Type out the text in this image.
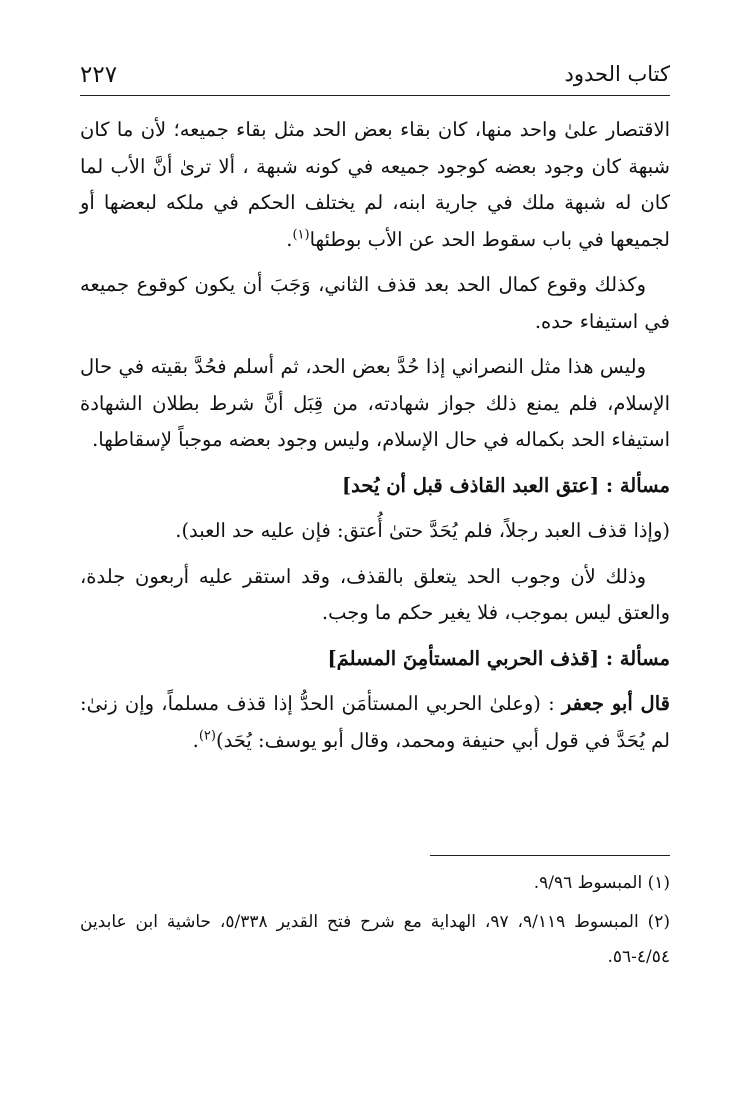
كتاب الحدود
٢٢٧

الاقتصار علىٰ واحد منها، كان بقاء بعض الحد مثل بقاء جميعه؛ لأن ما كان شبهة كان وجود بعضه كوجود جميعه في كونه شبهة ، ألا ترىٰ أنَّ الأب لما كان له شبهة ملك في جارية ابنه، لم يختلف الحكم في ملكه لبعضها أو لجميعها في باب سقوط الحد عن الأب بوطئها$^{(١)}$.

وكذلك وقوع كمال الحد بعد قذف الثاني، وَجَبَ أن يكون كوقوع جميعه في استيفاء حده.

وليس هذا مثل النصراني إذا حُدَّ بعض الحد، ثم أسلم فحُدَّ بقيته في حال الإسلام، فلم يمنع ذلك جواز شهادته، من قِبَل أنَّ شرط بطلان الشهادة استيفاء الحد بكماله في حال الإسلام، وليس وجود بعضه موجباً لإسقاطها.

مسألة : [عتق العبد القاذف قبل أن يُحد]

(وإذا قذف العبد رجلاً، فلم يُحَدَّ حتىٰ أُعتق: فإن عليه حد العبد).

وذلك لأن وجوب الحد يتعلق بالقذف، وقد استقر عليه أربعون جلدة، والعتق ليس بموجب، فلا يغير حكم ما وجب.

مسألة : [قذف الحربي المستأمِنَ المسلمَ]

قال أبو جعفر : (وعلىٰ الحربي المستأمَن الحدُّ إذا قذف مسلماً، وإن زنىٰ: لم يُحَدَّ في قول أبي حنيفة ومحمد، وقال أبو يوسف: يُحَد)$^{(٢)}$.

(١) المبسوط ٩/٩٦.

(٢) المبسوط ٩/١١٩، ٩٧، الهداية مع شرح فتح القدير ٥/٣٣٨، حاشية ابن عابدين ٤/٥٤-٥٦.
